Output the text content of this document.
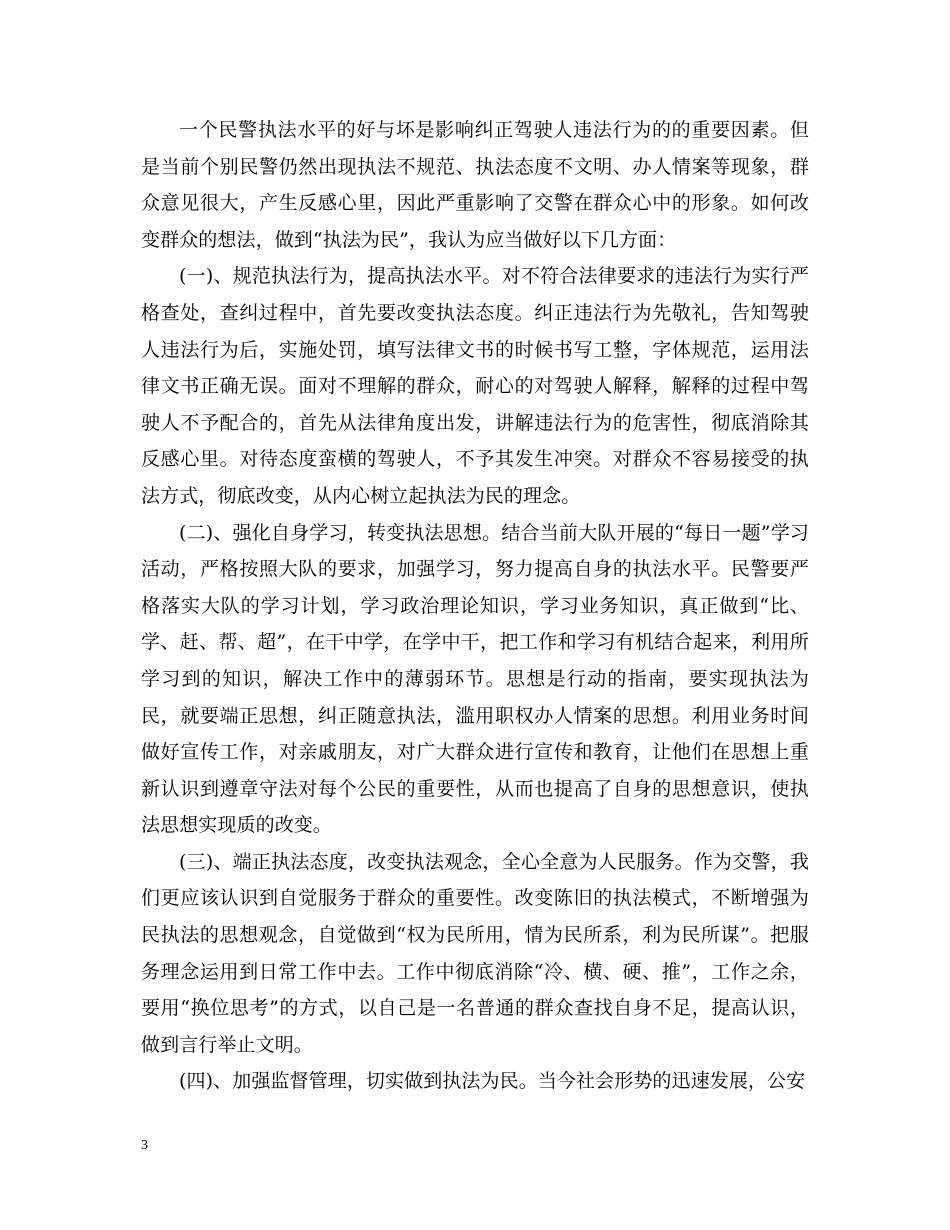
一个民警执法水平的好与坏是影响纠正驾驶人违法行为的的重要因素。但是当前个别民警仍然出现执法不规范、执法态度不文明、办人情案等现象，群众意见很大，产生反感心里，因此严重影响了交警在群众心中的形象。如何改变群众的想法，做到“执法为民”，我认为应当做好以下几方面：

(一)、规范执法行为，提高执法水平。对不符合法律要求的违法行为实行严格查处，查纠过程中，首先要改变执法态度。纠正违法行为先敬礼，告知驾驶人违法行为后，实施处罚，填写法律文书的时候书写工整，字体规范，运用法律文书正确无误。面对不理解的群众，耐心的对驾驶人解释，解释的过程中驾驶人不予配合的，首先从法律角度出发，讲解违法行为的危害性，彻底消除其反感心里。对待态度蛮横的驾驶人，不予其发生冲突。对群众不容易接受的执法方式，彻底改变，从内心树立起执法为民的理念。

(二)、强化自身学习，转变执法思想。结合当前大队开展的“每日一题”学习活动，严格按照大队的要求，加强学习，努力提高自身的执法水平。民警要严格落实大队的学习计划，学习政治理论知识，学习业务知识，真正做到“比、学、赶、帮、超”，在干中学，在学中干，把工作和学习有机结合起来，利用所学习到的知识，解决工作中的薄弱环节。思想是行动的指南，要实现执法为民，就要端正思想，纠正随意执法，滥用职权办人情案的思想。利用业务时间做好宣传工作，对亲戚朋友，对广大群众进行宣传和教育，让他们在思想上重新认识到遵章守法对每个公民的重要性，从而也提高了自身的思想意识，使执法思想实现质的改变。

(三)、端正执法态度，改变执法观念，全心全意为人民服务。作为交警，我们更应该认识到自觉服务于群众的重要性。改变陈旧的执法模式，不断增强为民执法的思想观念，自觉做到“权为民所用，情为民所系，利为民所谋”。把服务理念运用到日常工作中去。工作中彻底消除“冷、横、硬、推”，工作之余，要用“换位思考”的方式，以自己是一名普通的群众查找自身不足，提高认识，做到言行举止文明。

(四)、加强监督管理，切实做到执法为民。当今社会形势的迅速发展，公安

3
